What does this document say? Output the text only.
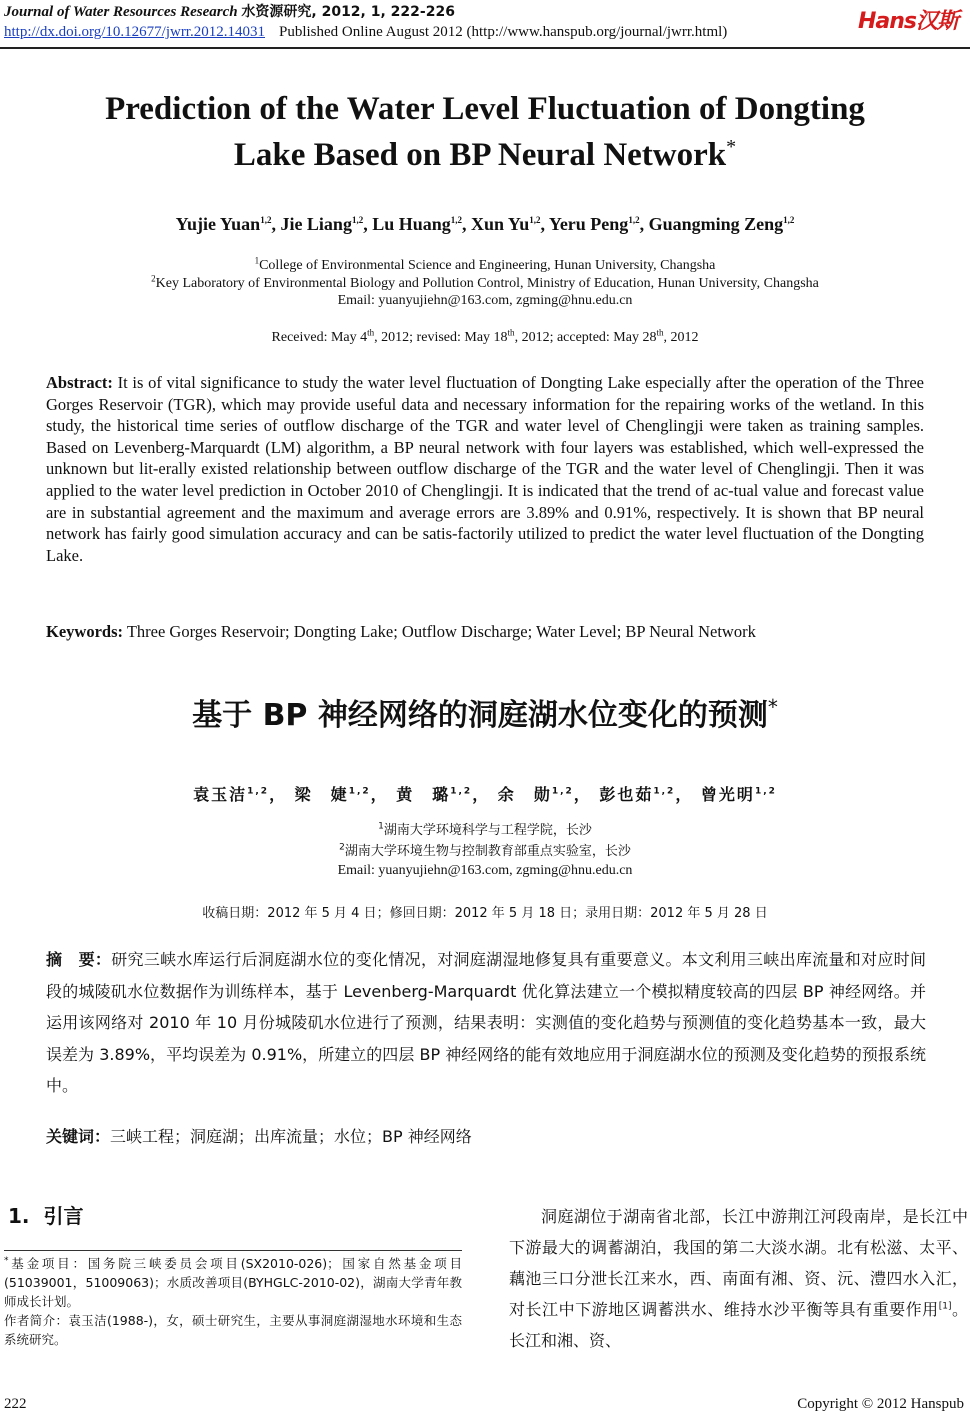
Journal of Water Resources Research 水资源研究, 2012, 1, 222-226
http://dx.doi.org/10.12677/jwrr.2012.14031 Published Online August 2012 (http://www.hanspub.org/journal/jwrr.html)	Hans汉斯
Prediction of the Water Level Fluctuation of Dongting
Lake Based on BP Neural Network*
Yujie Yuan$^{1,2}$, Jie Liang$^{1,2}$, Lu Huang$^{1,2}$, Xun Yu$^{1,2}$, Yeru Peng$^{1,2}$, Guangming Zeng$^{1,2}$
$^1$College of Environmental Science and Engineering, Hunan University, Changsha
$^2$Key Laboratory of Environmental Biology and Pollution Control, Ministry of Education, Hunan University, Changsha
Email: yuanyujiehn@163.com, zgming@hnu.edu.cn
Received: May 4th, 2012; revised: May 18th, 2012; accepted: May 28th, 2012
Abstract: It is of vital significance to study the water level fluctuation of Dongting Lake especially after the operation of the Three Gorges Reservoir (TGR), which may provide useful data and necessary information for the repairing works of the wetland. In this study, the historical time series of outflow discharge of the TGR and water level of Chenglingji were taken as training samples. Based on Levenberg-Marquardt (LM) algorithm, a BP neural network with four layers was established, which well-expressed the unknown but lit-erally existed relationship between outflow discharge of the TGR and the water level of Chenglingji. Then it was applied to the water level prediction in October 2010 of Chenglingji. It is indicated that the trend of ac-tual value and forecast value are in substantial agreement and the maximum and average errors are 3.89% and 0.91%, respectively. It is shown that BP neural network has fairly good simulation accuracy and can be satis-factorily utilized to predict the water level fluctuation of the Dongting Lake.
Keywords: Three Gorges Reservoir; Dongting Lake; Outflow Discharge; Water Level; BP Neural Network
基于 BP 神经网络的洞庭湖水位变化的预测*
袁玉洁$^{1,2}$， 梁　婕$^{1,2}$， 黄　璐$^{1,2}$， 余　勋$^{1,2}$， 彭也茹$^{1,2}$， 曾光明$^{1,2}$
$^1$湖南大学环境科学与工程学院，长沙
$^2$湖南大学环境生物与控制教育部重点实验室，长沙
Email: yuanyujiehn@163.com, zgming@hnu.edu.cn
收稿日期：2012 年 5 月 4 日；修回日期：2012 年 5 月 18 日；录用日期：2012 年 5 月 28 日
摘　要：研究三峡水库运行后洞庭湖水位的变化情况，对洞庭湖湿地修复具有重要意义。本文利用三峡出库流量和对应时间段的城陵矶水位数据作为训练样本，基于 Levenberg-Marquardt 优化算法建立一个模拟精度较高的四层 BP 神经网络。并运用该网络对 2010 年 10 月份城陵矶水位进行了预测，结果表明：实测值的变化趋势与预测值的变化趋势基本一致，最大误差为 3.89%，平均误差为 0.91%，所建立的四层 BP 神经网络的能有效地应用于洞庭湖水位的预测及变化趋势的预报系统中。
关键词：三峡工程；洞庭湖；出库流量；水位；BP 神经网络
1. 引言
*基金项目：国务院三峡委员会项目(SX2010-026)；国家自然基金项目(51039001，51009063)；水质改善项目(BYHGLC-2010-02)，湖南大学青年教师成长计划。
作者简介：袁玉洁(1988-)，女，硕士研究生，主要从事洞庭湖湿地水环境和生态系统研究。
洞庭湖位于湖南省北部，长江中游荆江河段南岸，是长江中下游最大的调蓄湖泊，我国的第二大淡水湖。北有松滋、太平、藕池三口分泄长江来水，西、南面有湘、资、沅、澧四水入汇，对长江中下游地区调蓄洪水、维持水沙平衡等具有重要作用[1]。长江和湘、资、
222	Copyright © 2012 Hanspub
